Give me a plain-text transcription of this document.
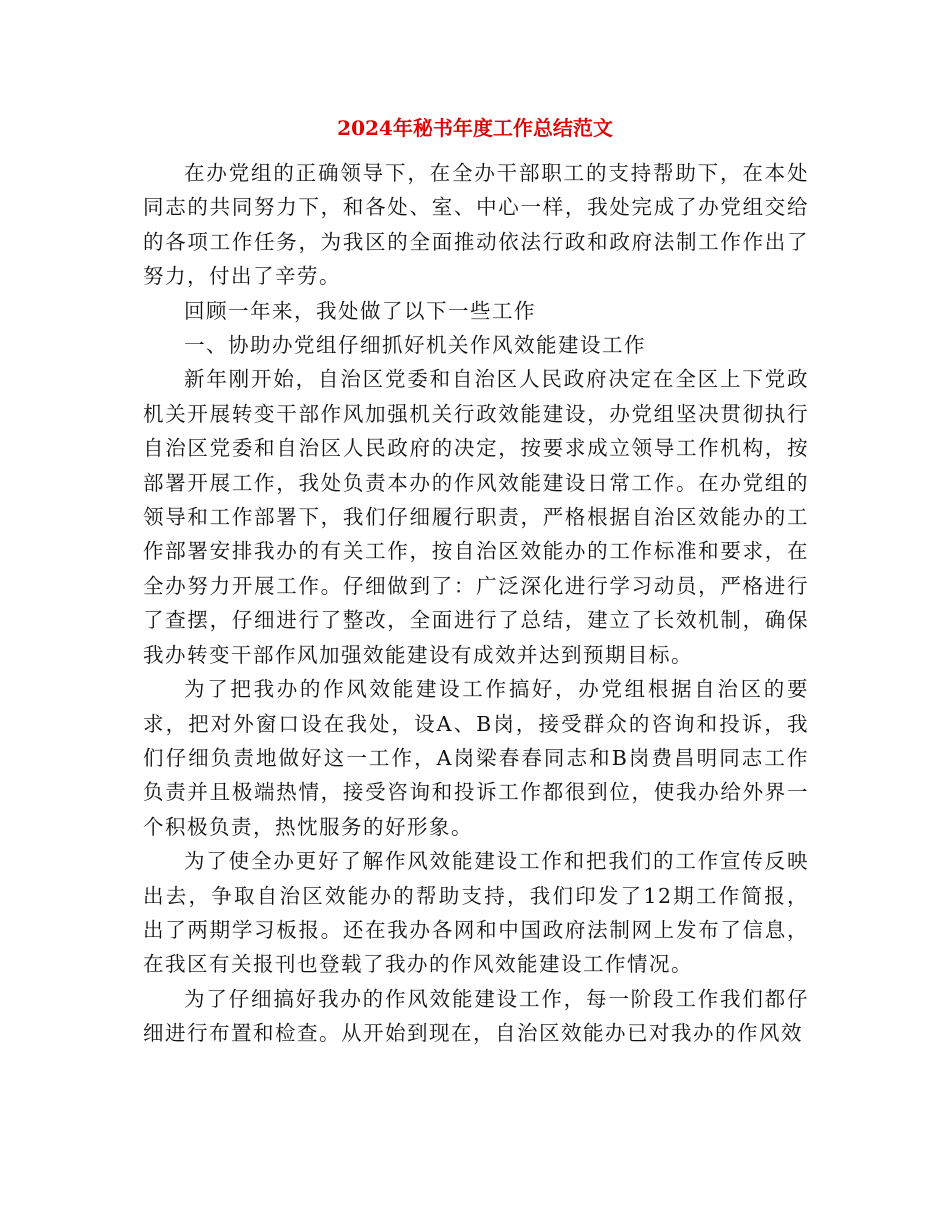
2024年秘书年度工作总结范文

在办党组的正确领导下，在全办干部职工的支持帮助下，在本处同志的共同努力下，和各处、室、中心一样，我处完成了办党组交给的各项工作任务，为我区的全面推动依法行政和政府法制工作作出了努力，付出了辛劳。

回顾一年来，我处做了以下一些工作

一、协助办党组仔细抓好机关作风效能建设工作

新年刚开始，自治区党委和自治区人民政府决定在全区上下党政机关开展转变干部作风加强机关行政效能建设，办党组坚决贯彻执行自治区党委和自治区人民政府的决定，按要求成立领导工作机构，按部署开展工作，我处负责本办的作风效能建设日常工作。在办党组的领导和工作部署下，我们仔细履行职责，严格根据自治区效能办的工作部署安排我办的有关工作，按自治区效能办的工作标准和要求，在全办努力开展工作。仔细做到了：广泛深化进行学习动员，严格进行了查摆，仔细进行了整改，全面进行了总结，建立了长效机制，确保我办转变干部作风加强效能建设有成效并达到预期目标。

为了把我办的作风效能建设工作搞好，办党组根据自治区的要求，把对外窗口设在我处，设A、B岗，接受群众的咨询和投诉，我们仔细负责地做好这一工作，A岗梁春春同志和B岗费昌明同志工作负责并且极端热情，接受咨询和投诉工作都很到位，使我办给外界一个积极负责，热忱服务的好形象。

为了使全办更好了解作风效能建设工作和把我们的工作宣传反映出去，争取自治区效能办的帮助支持，我们印发了12期工作简报，出了两期学习板报。还在我办各网和中国政府法制网上发布了信息，在我区有关报刊也登载了我办的作风效能建设工作情况。

为了仔细搞好我办的作风效能建设工作，每一阶段工作我们都仔细进行布置和检查。从开始到现在，自治区效能办已对我办的作风效
